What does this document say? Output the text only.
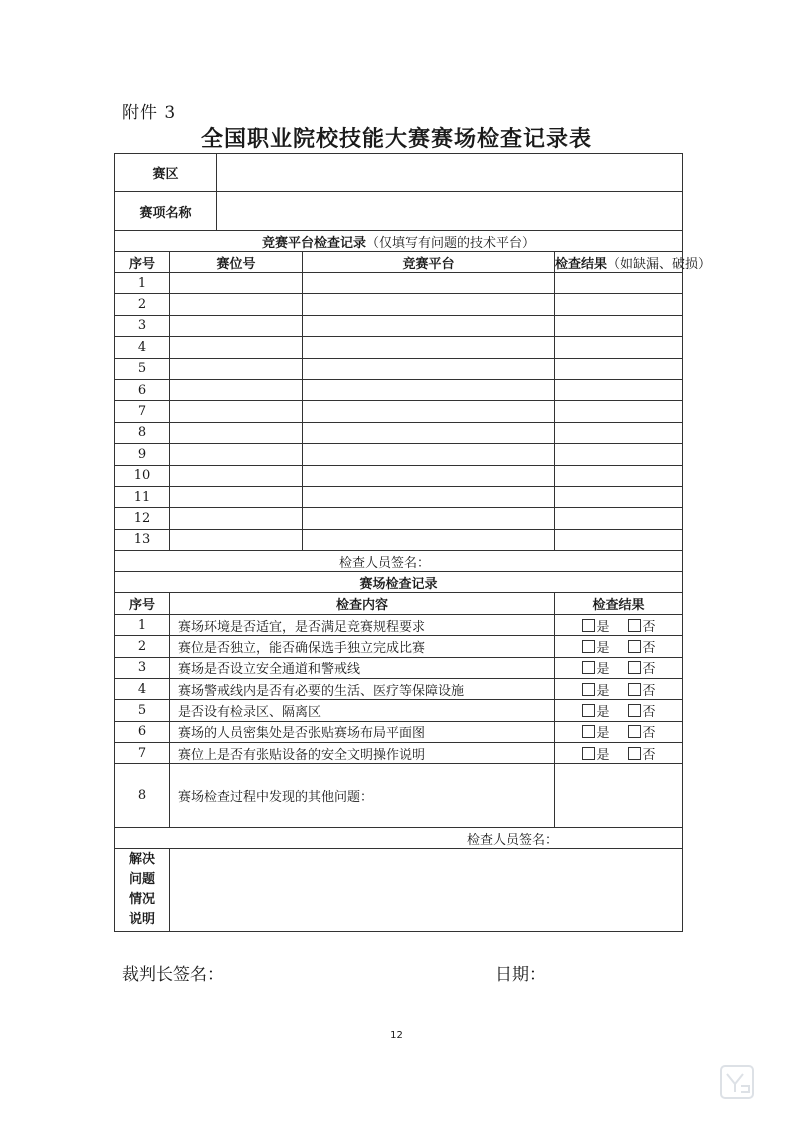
附件 3
全国职业院校技能大赛赛场检查记录表
赛区				
赛项名称				
竞赛平台检查记录（仅填写有问题的技术平台）				
序号	赛位号		竞赛平台	检查结果（如缺漏、破损）
1				
2				
3				
4				
5				
6				
7				
8				
9				
10				
11				
12				
13				
检查人员签名：				
赛场检查记录				
序号	检查内容			检查结果
1	赛场环境是否适宜，是否满足竞赛规程要求			是 否
2	赛位是否独立，能否确保选手独立完成比赛			是 否
3	赛场是否设立安全通道和警戒线			是 否
4	赛场警戒线内是否有必要的生活、医疗等保障设施			是 否
5	是否设有检录区、隔离区			是 否
6	赛场的人员密集处是否张贴赛场布局平面图			是 否
7	赛位上是否有张贴设备的安全文明操作说明			是 否
8	赛场检查过程中发现的其他问题：			
检查人员签名：				

解决
问题
情况
说明				

裁判长签名：	日期：
12
